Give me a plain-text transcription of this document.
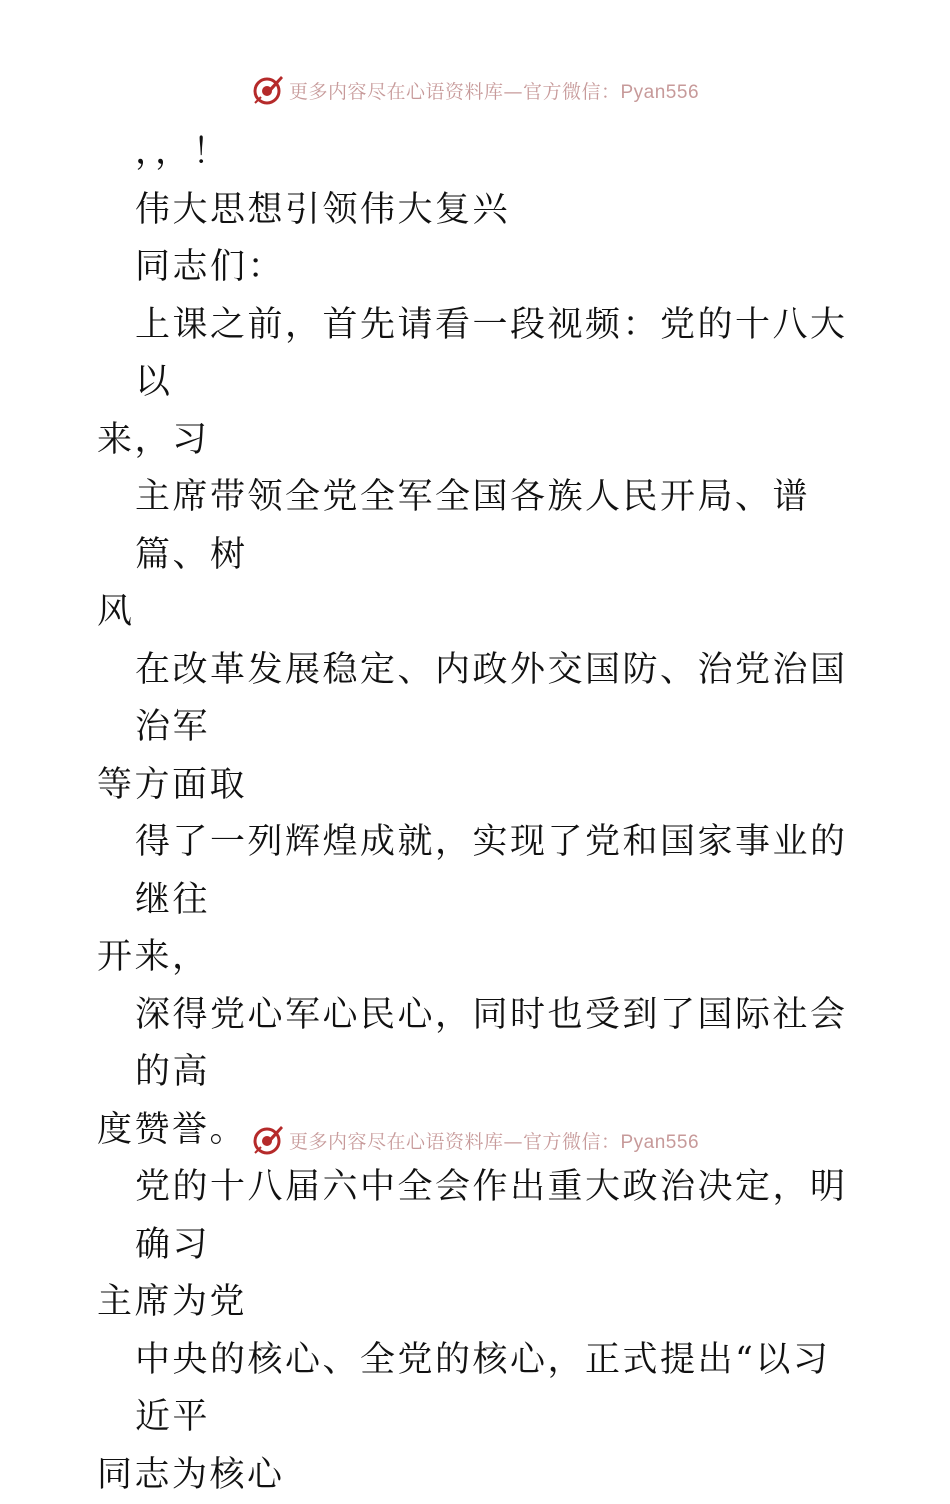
更多内容尽在心语资料库—官方微信：Pyan556

，，！

伟大思想引领伟大复兴

同志们：

上课之前，首先请看一段视频：党的十八大以

来，习

主席带领全党全军全国各族人民开局、谱篇、树

风

在改革发展稳定、内政外交国防、治党治国治军

等方面取

得了一列辉煌成就，实现了党和国家事业的继往

开来，

深得党心军心民心，同时也受到了国际社会的高

度赞誉。

党的十八届六中全会作出重大政治决定，明确习

主席为党

中央的核心、全党的核心，正式提出“以习近平

同志为核心

更多内容尽在心语资料库—官方微信：Pyan556
